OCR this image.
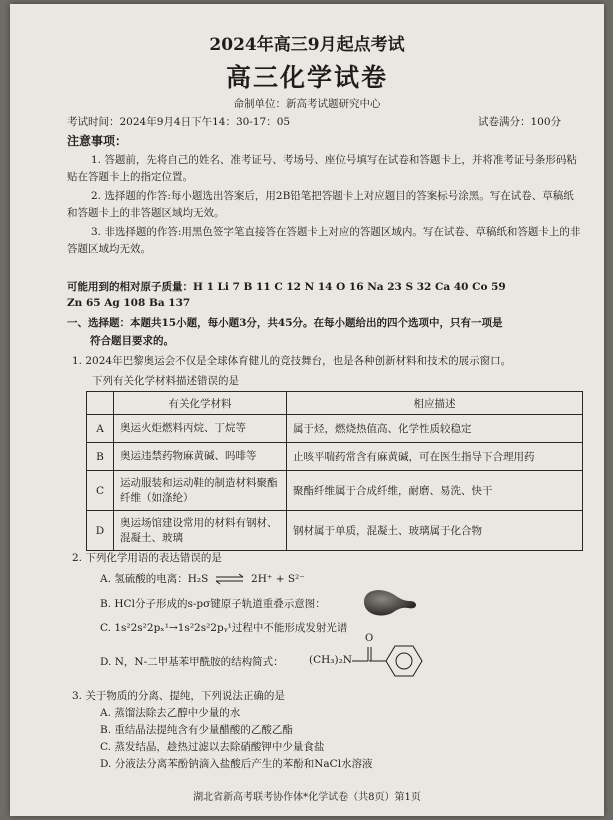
2024年高三9月起点考试
高三化学试卷
命制单位：新高考试题研究中心
考试时间：2024年9月4日下午14：30-17：05	试卷满分：100分
注意事项：
1. 答题前，先将自己的姓名、准考证号、考场号、座位号填写在试卷和答题卡上，并将准考证号条形码粘贴在答题卡上的指定位置。
2. 选择题的作答:每小题选出答案后，用2B铅笔把答题卡上对应题目的答案标号涂黑。写在试卷、草稿纸和答题卡上的非答题区域均无效。
3. 非选择题的作答:用黑色签字笔直接答在答题卡上对应的答题区域内。写在试卷、草稿纸和答题卡上的非答题区域均无效。
可能用到的相对原子质量：H 1 Li 7 B 11 C 12 N 14 O 16 Na 23 S 32 Ca 40 Co 59
Zn 65 Ag 108 Ba 137
一、选择题：本题共15小题，每小题3分，共45分。在每小题给出的四个选项中，只有一项是
符合题目要求的。
1. 2024年巴黎奥运会不仅是全球体育健儿的竞技舞台，也是各种创新材料和技术的展示窗口。
下列有关化学材料描述错误的是
	有关化学材料	相应描述
A	奥运火炬燃料丙烷、丁烷等	属于烃，燃烧热值高、化学性质较稳定
B	奥运违禁药物麻黄碱、吗啡等	止咳平喘药常含有麻黄碱，可在医生指导下合理用药
C	运动服装和运动鞋的制造材料聚酯纤维（如涤纶）	聚酯纤维属于合成纤维，耐磨、易洗、快干
D	奥运场馆建设常用的材料有钢材、混凝土、玻璃	钢材属于单质，混凝土、玻璃属于化合物
2. 下列化学用语的表达错误的是
A. 氢硫酸的电离：H₂S ⇌ 2H⁺ + S²⁻
B. HCl分子形成的s-pσ键原子轨道重叠示意图：
C. 1s²2s²2pₓ¹→1s²2s²2pᵧ¹过程中不能形成发射光谱
D. N，N-二甲基苯甲酰胺的结构简式： (CH₃)₂N
O
3. 关于物质的分离、提纯，下列说法正确的是
A. 蒸馏法除去乙醇中少量的水
B. 重结晶法提纯含有少量醋酸的乙酸乙酯
C. 蒸发结晶，趁热过滤以去除硝酸钾中少量食盐
D. 分液法分离苯酚钠滴入盐酸后产生的苯酚和NaCl水溶液
湖北省新高考联考协作体*化学试卷（共8页）第1页
